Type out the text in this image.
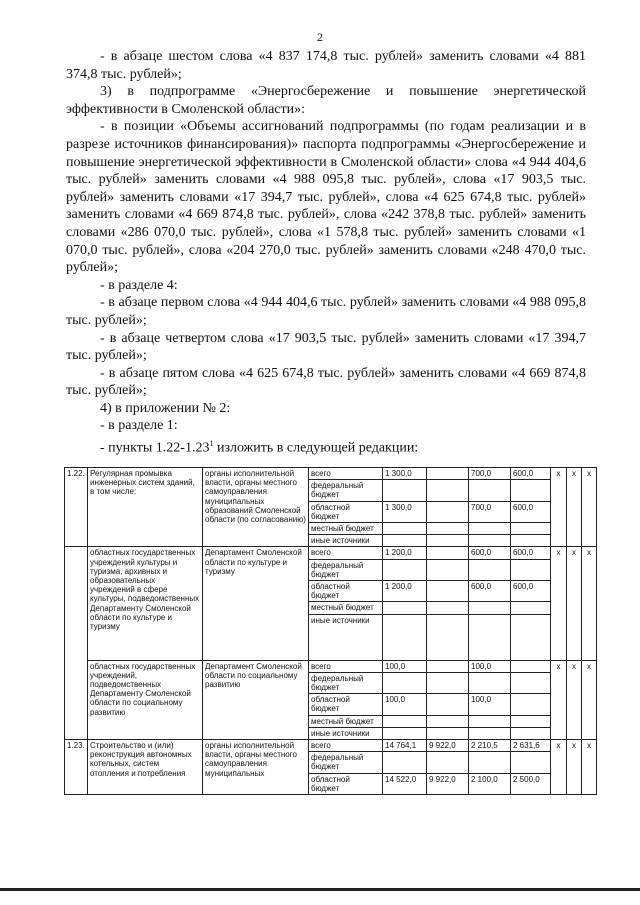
2

- в абзаце шестом слова «4 837 174,8 тыс. рублей» заменить словами «4 881 374,8 тыс. рублей»;

3) в подпрограмме «Энергосбережение и повышение энергетической эффективности в Смоленской области»:

- в позиции «Объемы ассигнований подпрограммы (по годам реализации и в разрезе источников финансирования)» паспорта подпрограммы «Энергосбережение и повышение энергетической эффективности в Смоленской области» слова «4 944 404,6 тыс. рублей» заменить словами «4 988 095,8 тыс. рублей», слова «17 903,5 тыс. рублей» заменить словами «17 394,7 тыс. рублей», слова «4 625 674,8 тыс. рублей» заменить словами «4 669 874,8 тыс. рублей», слова «242 378,8 тыс. рублей» заменить словами «286 070,0 тыс. рублей», слова «1 578,8 тыс. рублей» заменить словами «1 070,0 тыс. рублей», слова «204 270,0 тыс. рублей» заменить словами «248 470,0 тыс. рублей»;

- в разделе 4:

- в абзаце первом слова «4 944 404,6 тыс. рублей» заменить словами «4 988 095,8 тыс. рублей»;

- в абзаце четвертом слова «17 903,5 тыс. рублей» заменить словами «17 394,7 тыс. рублей»;

- в абзаце пятом слова «4 625 674,8 тыс. рублей» заменить словами «4 669 874,8 тыс. рублей»;

4) в приложении № 2:

- в разделе 1:

- пункты 1.22-1.23$^1$ изложить в следующей редакции:

1.22.	Регулярная промывка инженерных систем зданий, в том числе:	органы исполнительной власти, органы местного самоуправления муниципальных образований Смоленской области (по согласованию)	всего	1 300,0		700,0	600,0	x	x	x
			федеральный бюджет							
			областной бюджет	1 300,0		700,0	600,0			
			местный бюджет							
			иные источники							
	областных государственных учреждений культуры и туризма, архивных и образовательных учреждений в сфере культуры, подведомственных Департаменту Смоленской области по культуре и туризму	Департамент Смоленской области по культуре и туризму	всего	1 200,0		600,0	600,0	x	x	x
			федеральный бюджет							
			областной бюджет	1 200,0		600,0	600,0			
			местный бюджет							
			иные источники							
	областных государственных учреждений, подведомственных Департаменту Смоленской области по социальному развитию	Департамент Смоленской области по социальному развитию	всего	100,0		100,0		x	x	x
			федеральный бюджет							
			областной бюджет	100,0		100,0				
			местный бюджет							
			иные источники							
1.23.	Строительство и (или) реконструкция автономных котельных, систем отопления и потребления	органы исполнительной власти, органы местного самоуправления муниципальных	всего	14 764,1	9 922,0	2 210,5	2 631,6	x	x	x
			федеральный бюджет							
			областной бюджет	14 522,0	9 922,0	2 100,0	2 500,0			
